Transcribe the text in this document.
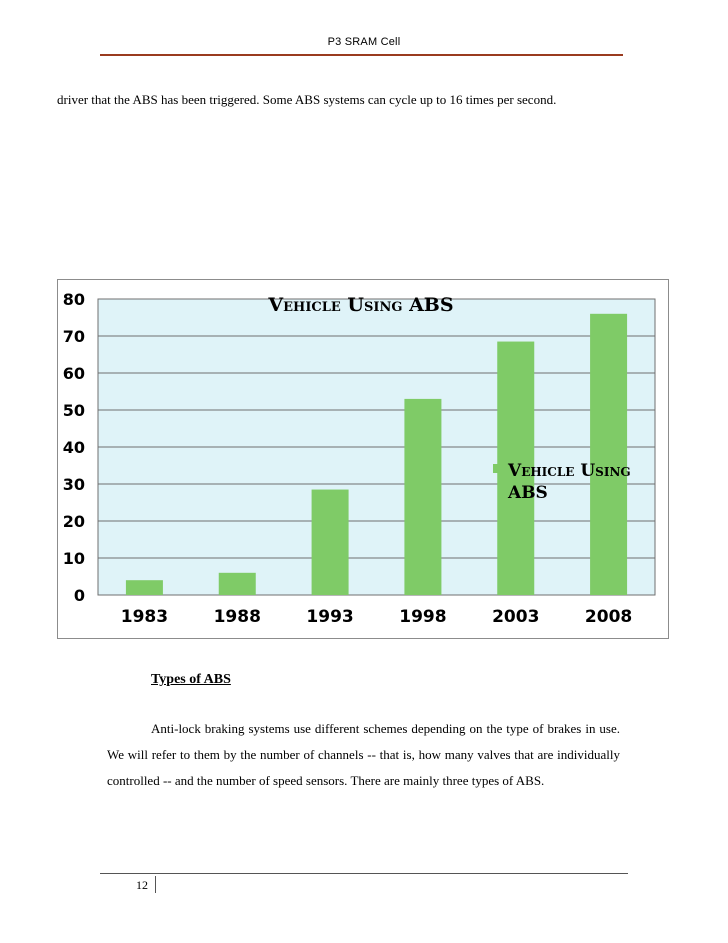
P3 SRAM Cell
driver that the ABS has been triggered. Some ABS systems can cycle up to 16 times per second.
0
10
20
30
40
50
60
70
80
1983	1988	1993	1998	2003	2008
Vehicle Using ABS
Vehicle Using
ABS
Types of ABS
Anti-lock braking systems use different schemes depending on the type of brakes in use. We will refer to them by the number of channels -- that is, how many valves that are individually controlled -- and the number of speed sensors. There are mainly three types of ABS.
12
